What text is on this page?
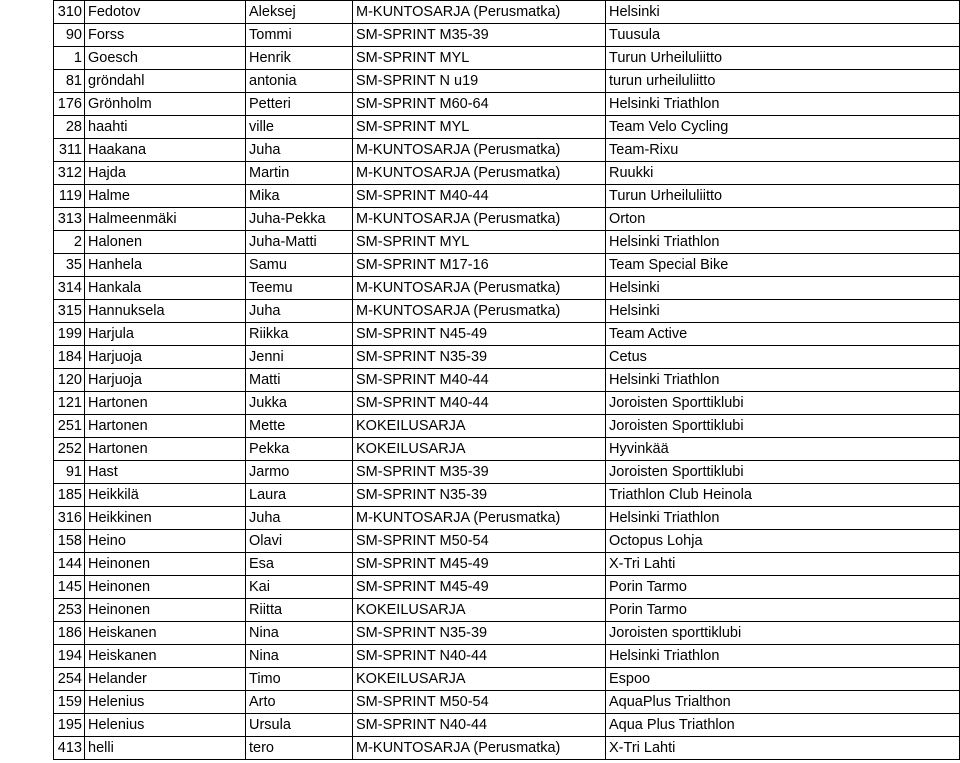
310	Fedotov	Aleksej	M-KUNTOSARJA (Perusmatka)	Helsinki
90	Forss	Tommi	SM-SPRINT M35-39	Tuusula
1	Goesch	Henrik	SM-SPRINT MYL	Turun Urheiluliitto
81	gröndahl	antonia	SM-SPRINT N u19	turun urheiluliitto
176	Grönholm	Petteri	SM-SPRINT M60-64	Helsinki Triathlon
28	haahti	ville	SM-SPRINT MYL	Team Velo Cycling
311	Haakana	Juha	M-KUNTOSARJA (Perusmatka)	Team-Rixu
312	Hajda	Martin	M-KUNTOSARJA (Perusmatka)	Ruukki
119	Halme	Mika	SM-SPRINT M40-44	Turun Urheiluliitto
313	Halmeenmäki	Juha-Pekka	M-KUNTOSARJA (Perusmatka)	Orton
2	Halonen	Juha-Matti	SM-SPRINT MYL	Helsinki Triathlon
35	Hanhela	Samu	SM-SPRINT M17-16	Team Special Bike
314	Hankala	Teemu	M-KUNTOSARJA (Perusmatka)	Helsinki
315	Hannuksela	Juha	M-KUNTOSARJA (Perusmatka)	Helsinki
199	Harjula	Riikka	SM-SPRINT N45-49	Team Active
184	Harjuoja	Jenni	SM-SPRINT N35-39	Cetus
120	Harjuoja	Matti	SM-SPRINT M40-44	Helsinki Triathlon
121	Hartonen	Jukka	SM-SPRINT M40-44	Joroisten Sporttiklubi
251	Hartonen	Mette	KOKEILUSARJA	Joroisten Sporttiklubi
252	Hartonen	Pekka	KOKEILUSARJA	Hyvinkää
91	Hast	Jarmo	SM-SPRINT M35-39	Joroisten Sporttiklubi
185	Heikkilä	Laura	SM-SPRINT N35-39	Triathlon Club Heinola
316	Heikkinen	Juha	M-KUNTOSARJA (Perusmatka)	Helsinki Triathlon
158	Heino	Olavi	SM-SPRINT M50-54	Octopus Lohja
144	Heinonen	Esa	SM-SPRINT M45-49	X-Tri Lahti
145	Heinonen	Kai	SM-SPRINT M45-49	Porin Tarmo
253	Heinonen	Riitta	KOKEILUSARJA	Porin Tarmo
186	Heiskanen	Nina	SM-SPRINT N35-39	Joroisten sporttiklubi
194	Heiskanen	Nina	SM-SPRINT N40-44	Helsinki Triathlon
254	Helander	Timo	KOKEILUSARJA	Espoo
159	Helenius	Arto	SM-SPRINT M50-54	AquaPlus Trialthon
195	Helenius	Ursula	SM-SPRINT N40-44	Aqua Plus Triathlon
413	helli	tero	M-KUNTOSARJA (Perusmatka)	X-Tri Lahti
